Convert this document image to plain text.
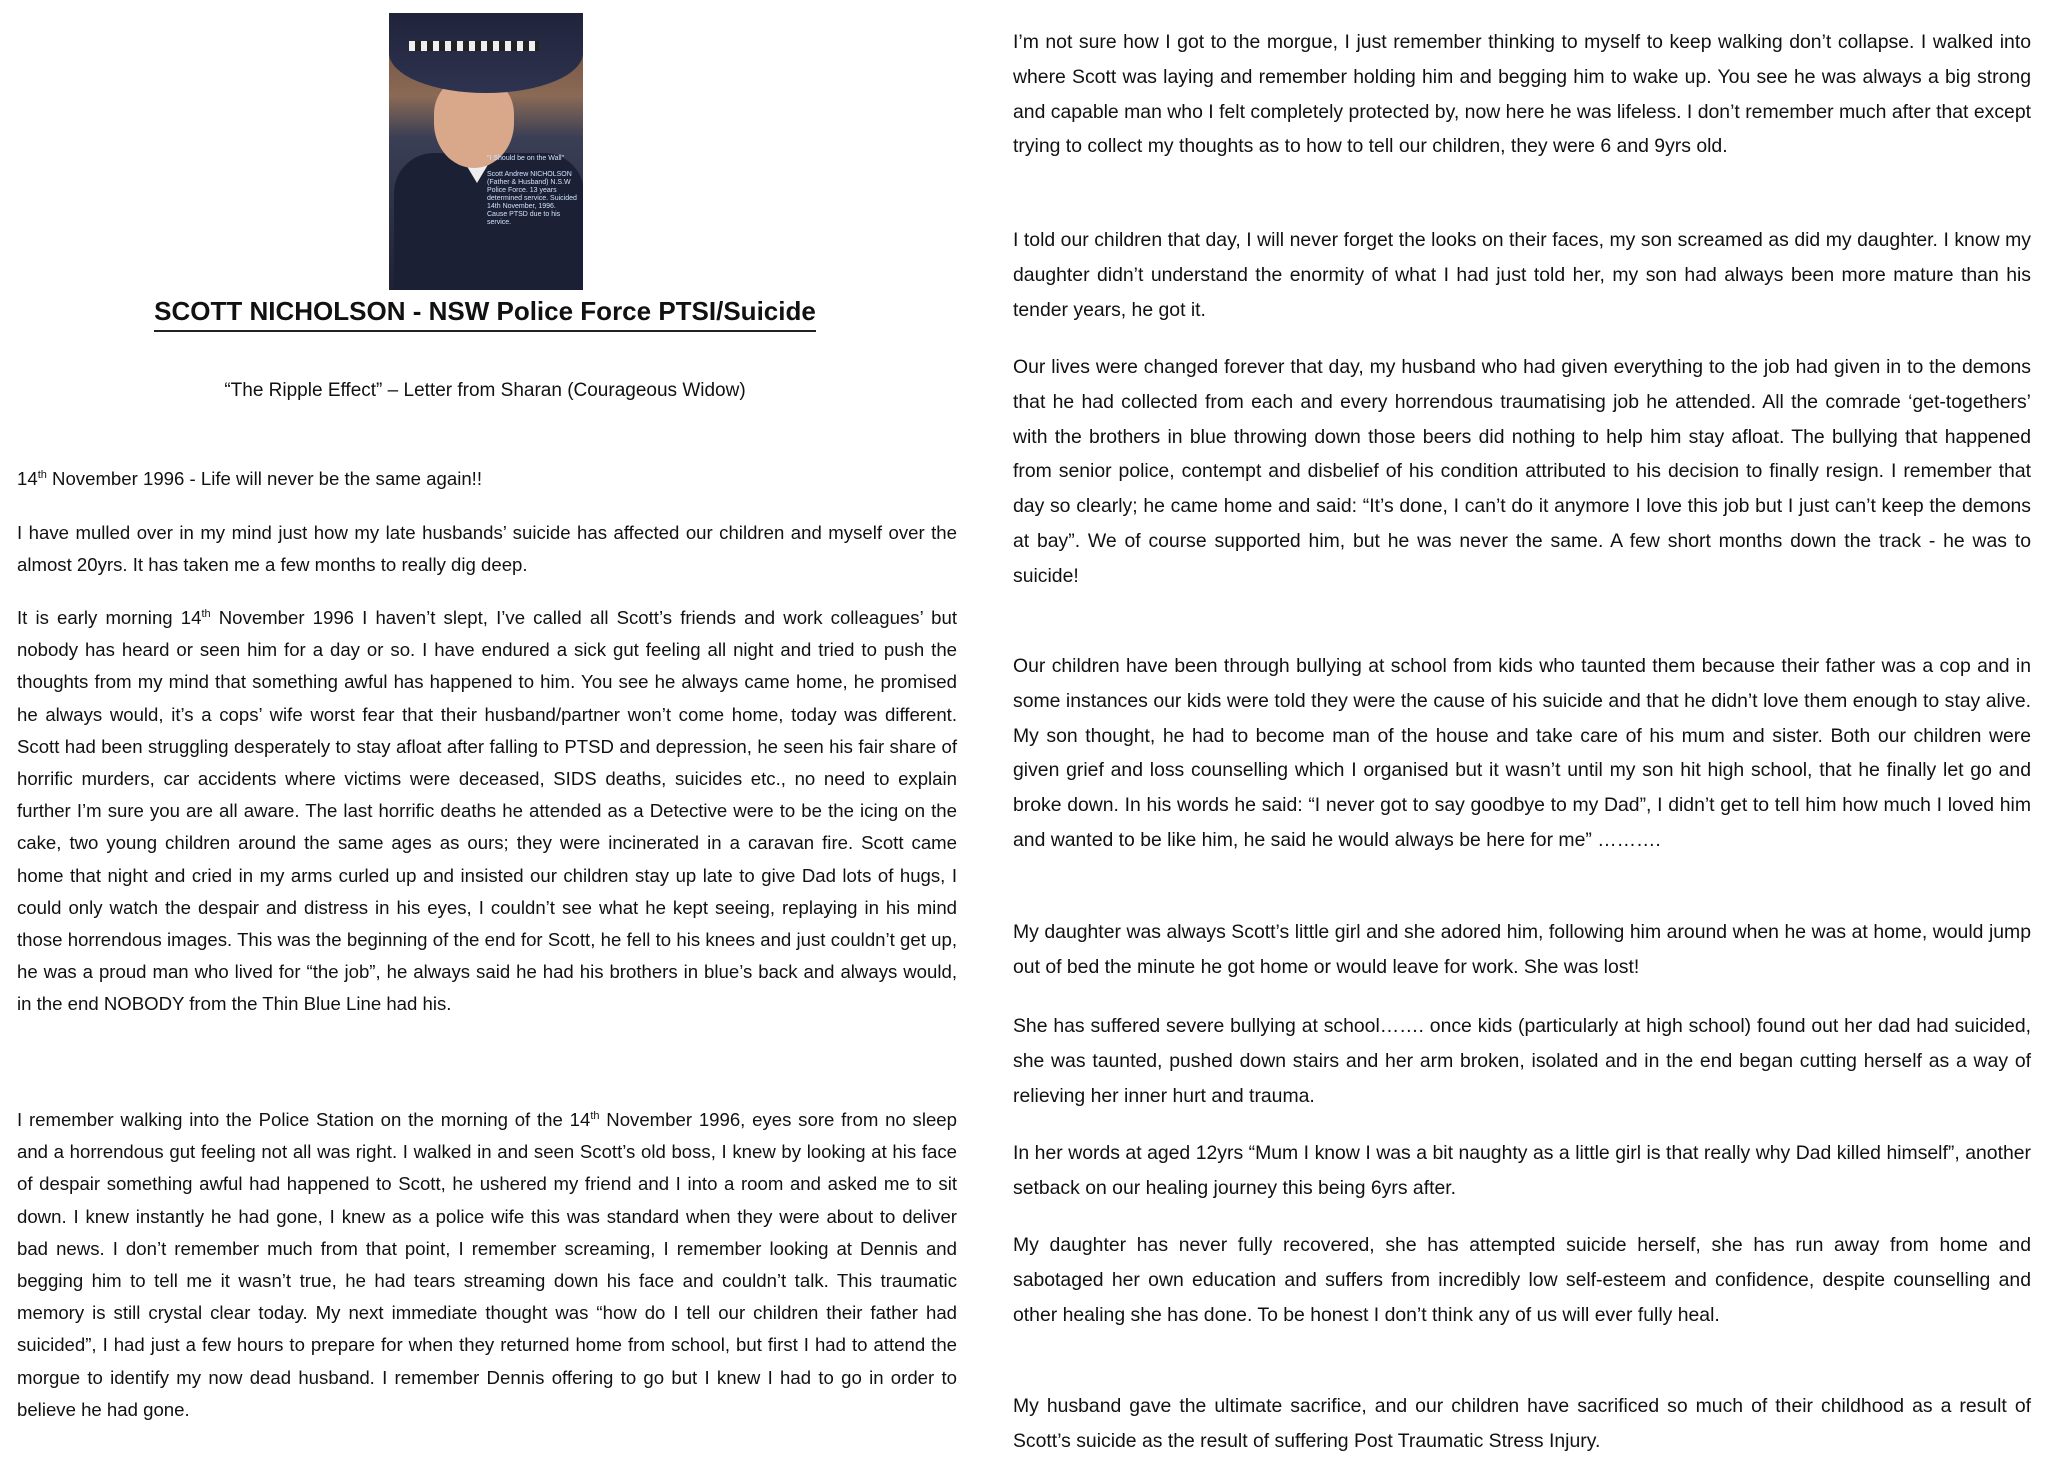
"I Should be on the Wall"

Scott Andrew NICHOLSON (Father & Husband) N.S.W Police Force. 13 years determined service. Suicided 14th November, 1996. Cause PTSD due to his service.
SCOTT NICHOLSON - NSW Police Force PTSI/Suicide
“The Ripple Effect” – Letter from Sharan (Courageous Widow)

14th November 1996 - Life will never be the same again!!

I have mulled over in my mind just how my late husbands’ suicide has affected our children and myself over the almost 20yrs. It has taken me a few months to really dig deep.

It is early morning 14th November 1996 I haven’t slept, I’ve called all Scott’s friends and work colleagues’ but nobody has heard or seen him for a day or so. I have endured a sick gut feeling all night and tried to push the thoughts from my mind that something awful has happened to him. You see he always came home, he promised he always would, it’s a cops’ wife worst fear that their husband/partner won’t come home, today was different. Scott had been struggling desperately to stay afloat after falling to PTSD and depression, he seen his fair share of horrific murders, car accidents where victims were deceased, SIDS deaths, suicides etc., no need to explain further I’m sure you are all aware. The last horrific deaths he attended as a Detective were to be the icing on the cake, two young children around the same ages as ours; they were incinerated in a caravan fire. Scott came home that night and cried in my arms curled up and insisted our children stay up late to give Dad lots of hugs, I could only watch the despair and distress in his eyes, I couldn’t see what he kept seeing, replaying in his mind those horrendous images. This was the beginning of the end for Scott, he fell to his knees and just couldn’t get up, he was a proud man who lived for “the job”, he always said he had his brothers in blue’s back and always would, in the end NOBODY from the Thin Blue Line had his.

I remember walking into the Police Station on the morning of the 14th November 1996, eyes sore from no sleep and a horrendous gut feeling not all was right. I walked in and seen Scott’s old boss, I knew by looking at his face of despair something awful had happened to Scott, he ushered my friend and I into a room and asked me to sit down. I knew instantly he had gone, I knew as a police wife this was standard when they were about to deliver bad news. I don’t remember much from that point, I remember screaming, I remember looking at Dennis and begging him to tell me it wasn’t true, he had tears streaming down his face and couldn’t talk. This traumatic memory is still crystal clear today. My next immediate thought was “how do I tell our children their father had suicided”, I had just a few hours to prepare for when they returned home from school, but first I had to attend the morgue to identify my now dead husband. I remember Dennis offering to go but I knew I had to go in order to believe he had gone.

I’m not sure how I got to the morgue, I just remember thinking to myself to keep walking don’t collapse. I walked into where Scott was laying and remember holding him and begging him to wake up. You see he was always a big strong and capable man who I felt completely protected by, now here he was lifeless. I don’t remember much after that except trying to collect my thoughts as to how to tell our children, they were 6 and 9yrs old.

I told our children that day, I will never forget the looks on their faces, my son screamed as did my daughter. I know my daughter didn’t understand the enormity of what I had just told her, my son had always been more mature than his tender years, he got it.

Our lives were changed forever that day, my husband who had given everything to the job had given in to the demons that he had collected from each and every horrendous traumatising job he attended. All the comrade ‘get-togethers’ with the brothers in blue throwing down those beers did nothing to help him stay afloat. The bullying that happened from senior police, contempt and disbelief of his condition attributed to his decision to finally resign. I remember that day so clearly; he came home and said: “It’s done, I can’t do it anymore I love this job but I just can’t keep the demons at bay”. We of course supported him, but he was never the same. A few short months down the track - he was to suicide!

Our children have been through bullying at school from kids who taunted them because their father was a cop and in some instances our kids were told they were the cause of his suicide and that he didn’t love them enough to stay alive. My son thought, he had to become man of the house and take care of his mum and sister. Both our children were given grief and loss counselling which I organised but it wasn’t until my son hit high school, that he finally let go and broke down. In his words he said: “I never got to say goodbye to my Dad”, I didn’t get to tell him how much I loved him and wanted to be like him, he said he would always be here for me” ……….

My daughter was always Scott’s little girl and she adored him, following him around when he was at home, would jump out of bed the minute he got home or would leave for work. She was lost!

She has suffered severe bullying at school……. once kids (particularly at high school) found out her dad had suicided, she was taunted, pushed down stairs and her arm broken, isolated and in the end began cutting herself as a way of relieving her inner hurt and trauma.

In her words at aged 12yrs “Mum I know I was a bit naughty as a little girl is that really why Dad killed himself”, another setback on our healing journey this being 6yrs after.

My daughter has never fully recovered, she has attempted suicide herself, she has run away from home and sabotaged her own education and suffers from incredibly low self-esteem and confidence, despite counselling and other healing she has done. To be honest I don’t think any of us will ever fully heal.

My husband gave the ultimate sacrifice, and our children have sacrificed so much of their childhood as a result of Scott’s suicide as the result of suffering Post Traumatic Stress Injury.
